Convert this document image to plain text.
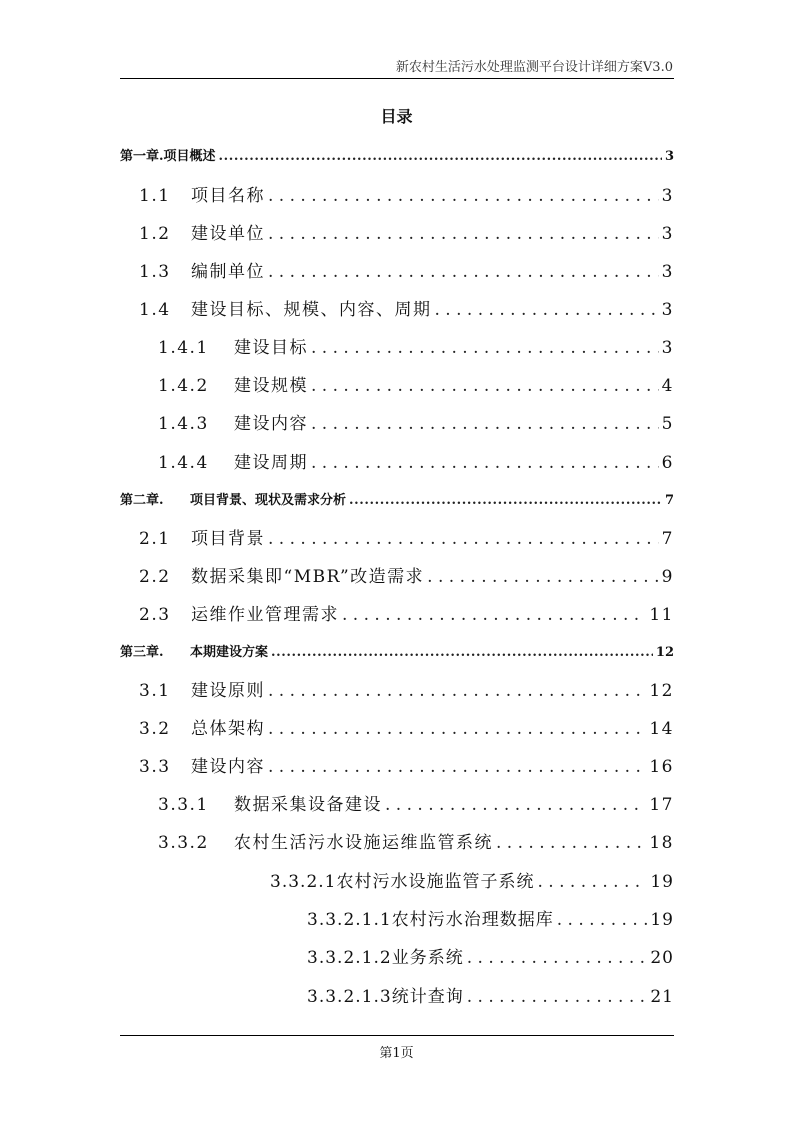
新农村生活污水处理监测平台设计详细方案V3.0
目录
第一章. 项目概述 .....	3
1.1	项目名称 . . .	3
1.2	建设单位 . . .	3
1.3	编制单位 . . .	3
1.4	建设目标、规模、内容、周期 . . .	3
1.4.1	建设目标 . . .	3
1.4.2	建设规模 . . .	4
1.4.3	建设内容 . . .	5
1.4.4	建设周期 . . .	6
第二章.	项目背景、现状及需求分析 .....	7
2.1	项目背景 . . .	7
2.2	数据采集即“MBR”改造需求 . . .	9
2.3	运维作业管理需求 . . .	11
第三章.	本期建设方案 .....	12
3.1	建设原则 . . .	12
3.2	总体架构 . . .	14
3.3	建设内容 . . .	16
3.3.1	数据采集设备建设 . . .	17
3.3.2	农村生活污水设施运维监管系统 . . .	18
3.3.2.1 农村污水设施监管子系统 . . .	19
3.3.2.1.1 农村污水治理数据库 . . .	19
3.3.2.1.2 业务系统 . . .	20
3.3.2.1.3 统计查询 . . .	21
第1页
